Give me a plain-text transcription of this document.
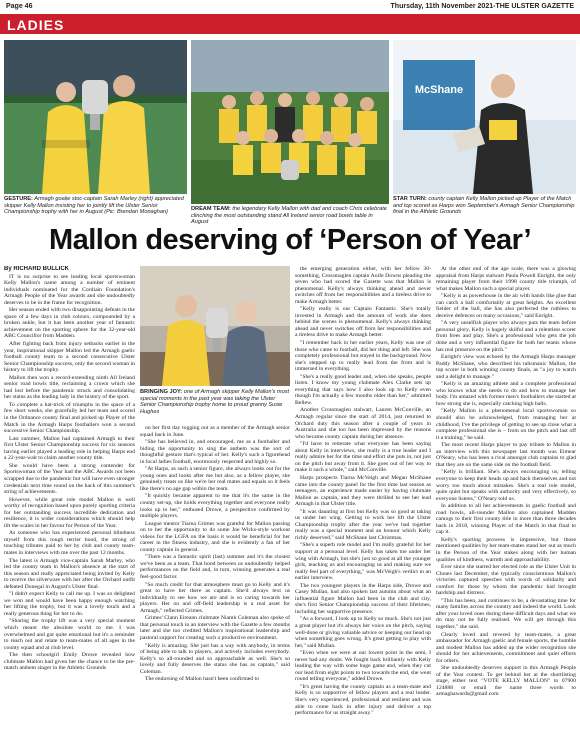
Page 46	Thursday, 11th November 2021-THE ULSTER GAZETTE
LADIES
GESTURE: Armagh goalie stoc-captain Sarah Marley (right) appreciated skipper Kelly Mallon insisting her to jointly lift the Ulster Senior Championship trophy with her in August (Pic: Brendan Monaghan)
DREAM TEAM: the legendary Kelly Mallon with dad and coach Chris celebrate clinching the most outstanding stand All Ireland senior road bowls table in August
McShane
STAR TURN: county captain Kelly Mallon picked up Player of the Match and top scored as Harps won September's Armagh Senior Championship final in the Athletic Grounds
Mallon deserving of ‘Person of Year’

By RICHARD BULLICK

IT is no surprise to see leading local sportswoman Kelly Mallon's name among a number of eminent individuals nominated for the Cordiain Foundation's Armagh People of the Year awards and she undoubtedly deserves to be in the frame for recognition.

Her season ended with two disappointing defeats in the space of a few days in club colours, compounded by a broken ankle, but it has been another year of fantastic achievement on the sporting sphere for the 32-year-old ABC Councillor from Madden.

After fighting back from injury setbacks earlier in the year, inspirational skipper Mallon led the Armagh gaelic football county team to a second consecutive Ulster Senior Championship success, only the second woman in history to lift the trophy.

Mallon then won a record-extending ninth All Ireland senior road bowls title, reclaiming a crown which she had lost before the pandemic struck and consolidating her status as the leading lady in the history of the sport.

To complete a hat-trick of triumphs in the space of a few short weeks, she gracefully led her team and scored in the Ordnance county final and picked up Player of the Match in the Armagh Harps footballers won a second successive Senior Championship.

Last summer, Mallon had captained Armagh to their first Ulster Senior Championship success for six seasons having earlier played a leading role in helping Harps end a 22-year-wait to claim another county title.

She would have been a strong contender for Sportswoman of the Year had the ABC Awards not been scrapped due to the pandemic but will have even stronger credentials next time round on the back of this summer's string of achievements.

However, while great role model Mallon is well worthy of recognition based upon purely sporting criteria for her outstanding success incredible dedication and resilience, it is wider considerations which should help tilt the scales in her favour for Person of the Year.

As someone who has experienced personal blindness myself from this tough terrier hood, the strong of touching tributes paid to her by club and county team-mates in interviews with me over the past 12 months.

The latest is Armagh vice-captain Sarah Marley, who led the county team in Mallon's absence at the start of this season and really appreciated being invited by Kelly to receive the silverware with her after the Orchard outfit defeated Donegal in August's Ulster final.

"I didn't expect Kelly to call me up. I was so delighted we won and would have been happy enough watching her lifting the trophy, but it was a lovely touch and a really generous thing for her to do.

"Sharing the trophy lift was a very special moment which meant the absolute world to me. I was overwhelmed and got quite emotional but it's a reminder to reach out and relate to team-mates of all ages in the county squad and at club level.

The then schoolgirl Emily Drowe revealed how clubmate Mallon had given her the chance to be the pre-match anthem singer in the Athletic Grounds

BRINGING JOY: one of Armagh skipper Kelly Mallon's most special moments in the past year was taking the Ulster Senior Championship trophy home to proud granny Susie Hughes

on her first day togging out as a member of the Armagh senior squad back in June.

"She has believed in, and encouraged, me as a footballer and biding the opportunity to sing the anthem was the sort of thoughtful gesture that's typical of her. Kelly's such a figurehead in local ladies football, enormously respected and highly so.

"At Harps, as such a senior figure, she always looks out for the young ones and looks after me but also, as a fellow player, she genuinely treats us like we're her real mates and equals so it feels like there's no age gap within the team.

"It quickly became apparent to me that it's the same in the county set-up, she holds everything together and everyone really looks up to her," enthused Drowe, a perspective confirmed by multiple players.

League mentor Tiarna Grimes was grateful for Mallon passing on to her the opportunity to do some Joe Wicks-style workout videos for the LGFA on the basis it would be beneficial for her career in the fitness industry, and she is evidently a fan of her county captain in general.

"There was a fantastic spirit (last) summer and it's the closest we've been as a team. That bond between us undoubtedly helped performances on the field and, in turn, winning generates a real feel-good factor.

"So much credit for that atmosphere must go to Kelly and it's great to have her there as captain. She'd always text us individually to see how we are and is so caring towards her players. Her on and off-field leadership is a real asset for Armagh," reflected Grimes.

Grimes' Clann Eireann clubmate Niamh Coleman also spoke of that personal touch in an interview with the Gazette a few months later and she too credited Mallon's inspirational leadership and pastoral support for creating such a productive environment.

"Kelly is amazing. She just has a way with anybody, in terms of being able to talk to players, and actively includes everybody. Kelly's so all-rounded and so approachable as well. She's so lovely and fully deserves the status she has as captain," said Coleman.

The endorsing of Mallon hasn't been confirmed to

the emerging generation either, with her fellow 30-something, Crossmaglen captain Aoife Downs pleading the seven who had scored the Gazette was that Mallon is phenomenal. Kelly's always thinking ahead and never switches off from her responsibilities and a tireless drive to make Armagh better.

"Kelly really is our Captain Fantastic. She's totally invested in Armagh and the amount of work she does behind the scenes is phenomenal. Kelly's always thinking ahead and never switches off from her responsibilities and a tireless drive to make Armagh better.

"I remember back in her earlier years, Kelly was one of those who came to football, did her thing and left. She was completely professional but stayed in the background. Now she's stepped up to really lead from the front and is immersed in everything.

"She's a really good leader and, when she speaks, people listen. I know my young clubmate Alex Clarke sets up everything that says how I also look up to Kelly even though I'm actually a few months older than her," admitted Bellew.

Another Crossmaglen stalwart, Lauren McConville, an Armagh regular since the start of 2014, just returned to Orchard duty this season after a couple of years in Australia and she too has been impressed by the reasons who became county captain during her absence.

"I'd have to reiterate what everyone has been saying about Kelly in interviews, she really is a true leader and I really admire her for the time and effort she puts in, not just on the pitch but away from it. She goes out of her way to make it such a whole," said McConville.

Harps prospects Tiarna McVeigh and Megan McShane came into the county panel for the first time last season as teenagers, an experience made easier by having clubmate Mallon as captain, and they were thrilled to see her lead Armagh in that Ulster title.

"It was daunting at first but Kelly was so good at taking us under her wing. Getting to work her lift the Ulster Championship trophy after the year we've had together really was a special moment and an honour which Kelly richly deserved," said McShane last Christmas.

"She's a superb role model and I'm really grateful for her support at a personal level. Kelly has taken me under her wing with Armagh, but she's just so good at all the younger girls, teaching us and encouraging us and making sure we really feel part of everything," was McVeigh's verdict in an earlier interview.

The two youngest players in the Harps side, Drowe and Casey Mullan, had also spoken last autumn about what an influential figure Mallon had been in the club and city, she's first Senior Championship success of their lifetimes, including her supportive presence.

"As a forward, I look up to Kelly so much. She's not just a great player but it's always her voice on the pitch, saying well-done or giving valuable advice or keeping our head up when something goes wrong. It's great getting to play with her," said Mullan.

"Even when we were at our lowest point in the semi, I never had any doubt. We fought back brilliantly with Kelly leading the way with some huge game and, when they cut our lead from eight points to two towards the end, she went round telling everyone," added Drowe.

"It's great having the county captain as a team-mate and Kelly is so supportive of fellow players and a real leader. She's very experienced, professional and resilient and was able to come back in after injury and deliver a top performance for us straight away."

At the other end of the age scale, there was a glowing appraisal from Harps stalwart Paula Powell Enright, the only remaining player from their 1998 county title triumph, of what makes Mallon such a special player.

"Kelly is as powerhouse in the air with hands like glue that can catch a ball comfortably at great heights. An excellent fielder of the ball, she has also perfected the ruthless to deceive defences on many occasions," said Enright.

"A very unselfish player who always puts the team before personal glory, Kelly is hugely skilful and a relentless scorer from frees and play. She's a professional who gets the job done and a very influential figure for both her teams whose has real presence on the pitch."

Enright's view was echoed by the Armagh Harps manager Paddy McShane, who described his talismanic Mallon, the top scorer in both winning county finals, as "a joy to watch and a delight to manage."

"Kelly is an amazing athlete and a complete professional who knows what she needs to do and how to manage her body. I'm amazed with former men's footballers she started at how strong she is, especially catching high balls.

"Kelly Mallon is a phenomenal local sportswoman so should also be acknowledged, from managing her at childhood, I've the privilege of getting to see up close what a complete professional she is – from on the pitch and last off it a training," he said.

The most recent Harps player to pay tribute to Mallon in an interview with this newspaper last month was Eimear O'Neary, who has been a rival amongst club captains to glad that they are on the same side on the football field.

"Kelly is brilliant. She's always encouraging us, telling everyone to keep their heads up and back themselves and not worry too much about mistakes. She's a real role model, quite quiet but speaks with authority and very effectively, so everyone listens," O'Neary told us.

In addition to all her achievements in gaelic football and road bowls, all-rounder Mallon also captained Madden camogs to their first county title in more than three decades back in 2018, winning Player of the Match in that final to cap it.

Kelly's sporting prowess is impressive, but those mentioned qualities by her team-mates stand her out as much in the Person of the Year stakes along with her human qualities of kindness, warmth and approachability.

Ever since she started her elected role as the Ulster Unit in Clones last December, the typically conscientious Mallon's victories captured speeches with words of solidarity and comfort for those by whom the pandemic had brought hardship and distress.

"This has been, and continues to be, a devastating time for many families across the country and indeed the world. Look after your loved ones during these difficult days and what we do may not be fully realised. We will get through this together," she said.

Clearly loved and revered by team-mates, a great ambassador for Armagh gaelic and female sports, the humble and modest Mallon has added up the wider recognition she should for her achievements, commitment and quiet efforts for others.

She undoubtedly deserves support in this Armagh People of the Year contest. To get behind her at the shortlisting stage, either text "VOTE KELLY MALLON" to 07900 124888 or email the name three words to armaghawards@gmail.com
